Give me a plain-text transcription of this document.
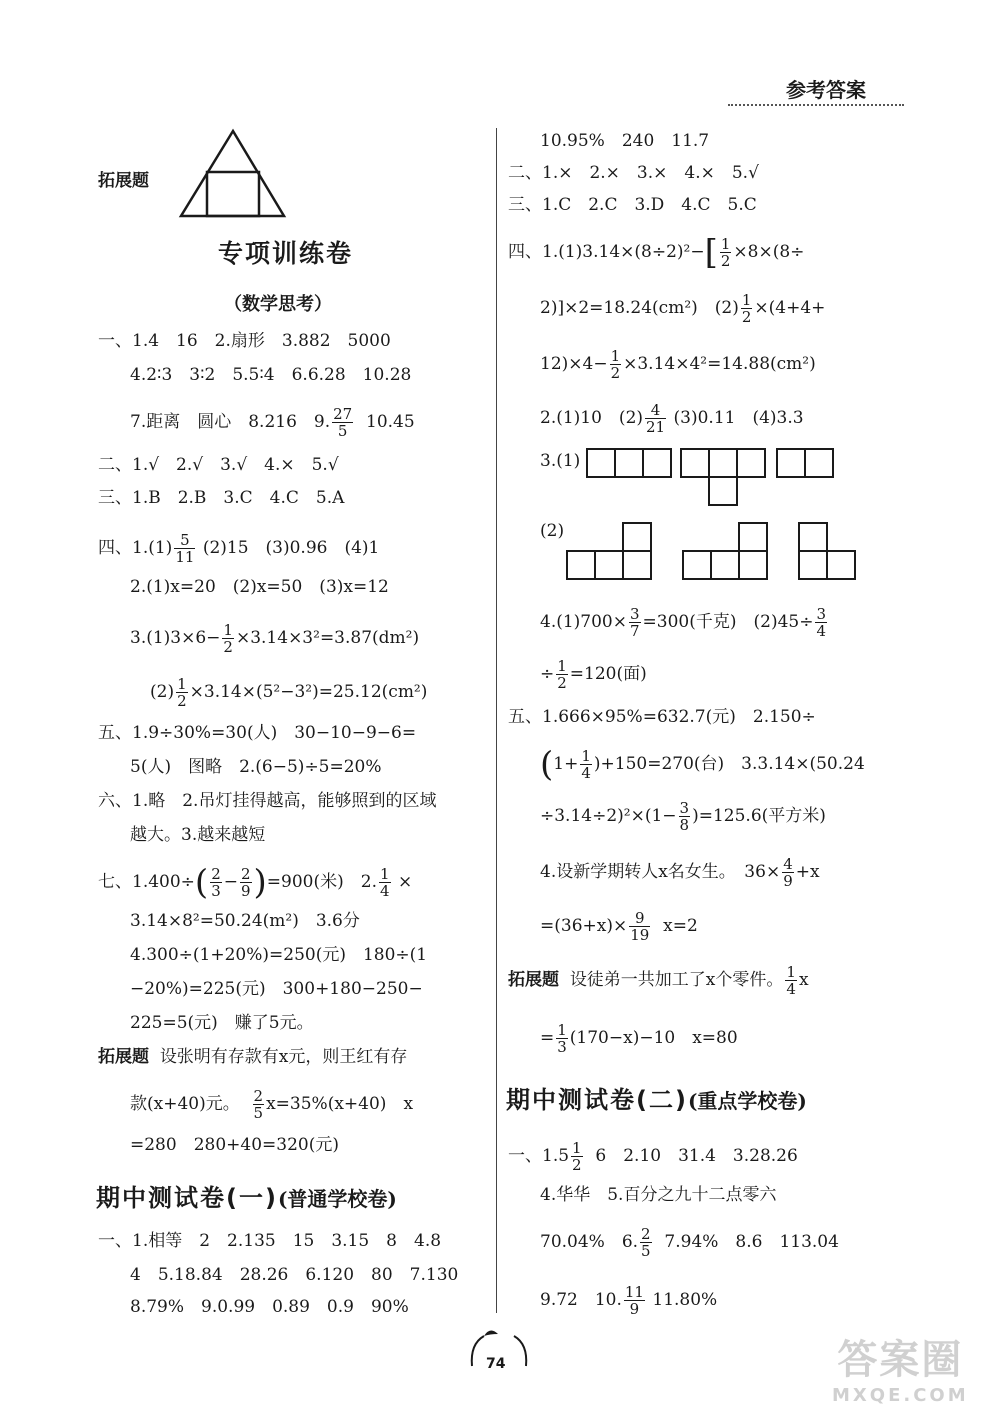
参考答案
拓展题
专项训练卷
（数学思考）
一、1.4　16　2.扇形　3.882　5000
4.2∶3　3∶2　5.5∶4　6.6.28　10.28
7.距离　圆心　8.216　9. $\frac{27}{5} 10.45$
二、1.√　2.√　3.√　4.×　5.√
三、1.B　2.B　3.C　4.C　5.A
四、$1.(1) \frac{5}{11} (2)15$　(3)0.96　(4)1
2.(1)x=20　(2)x=50　(3)x=12
$3.(1)3\times 6- \frac{1}{2} \times 3.14\times 3^2=3.87(dm^2)$
$(2) \frac{1}{2} \times 3.14\times(5^2-3^2)=25.12(cm^2)$
五、1.9÷30%=30(人)　30−10−9−6=
5(人)　图略　2.(6−5)÷5=20%
六、1.略　2.吊灯挂得越高，能够照到的区域
越大。3.越来越短
七、$1.400\div( \frac{2}{3} - \frac{2}{9} )=900$(米)　2. $\frac{1}{4}$ ×
3.14×8²=50.24(m²)　3.6分
4.300÷(1+20%)=250(元)　180÷(1
−20%)=225(元)　300+180−250−
225=5(元)　赚了5元。
拓展题 设张明有存款有x元，则王红有存
款(x+40)元。 $\frac{2}{5} x=35\%(x+40)$　x
=280　280+40=320(元)
期中测试卷(一)(普通学校卷)
一、1.相等　2　2.135　15　3.15　8　4.8
4　5.18.84　28.26　6.120　80　7.130
8.79%　9.0.99　0.89　0.9　90%
10.95%　240　11.7
二、1.×　2.×　3.×　4.×　5.√
三、1.C　2.C　3.D　4.C　5.C
四、$1.(1)3.14\times(8\div 2)^2-[ \frac{1}{2} \times 8\times(8\div$
2)]×2=18.24(cm²)　$(2) \frac{1}{2} \times(4+4+$
$12)\times 4- \frac{1}{2} \times 3.14\times 4^2=14.88(cm^2)$
2.(1)10　$(2) \frac{4}{21} (3)0.11$　(4)3.3
3.(1)
(2)
$4.(1)700\times \frac{3}{7} =300$(千克)　$(2)45\div \frac{3}{4}$
÷ $\frac{1}{2} =120$(面)
五、1.666×95%=632.7(元)　2.150÷
$(1+ \frac{1}{4} )+150=270$(台)　3.3.14×(50.24
$\div 3.14\div 2)^2\times(1- \frac{3}{8} )=125.6$(平方米)
4.设新学期转人x名女生。　$36\times \frac{4}{9} +x$
$=(36+x)\times \frac{9}{19} x=2$
拓展题 设徒弟一共加工了x个零件。 $\frac{1}{4}$ x
= $\frac{1}{3} (170-x)-10$　x=80
期中测试卷(二)(重点学校卷)
一、$1.5 \frac{1}{2} 6$　2.10　31.4　3.28.26
4.华华　5.百分之九十二点零六
70.04%　6. $\frac{2}{5} 7.94\%$　8.6　113.04
9.72　10. $\frac{11}{9} 11.80\%$
74	答案圈
MXQE.COM
